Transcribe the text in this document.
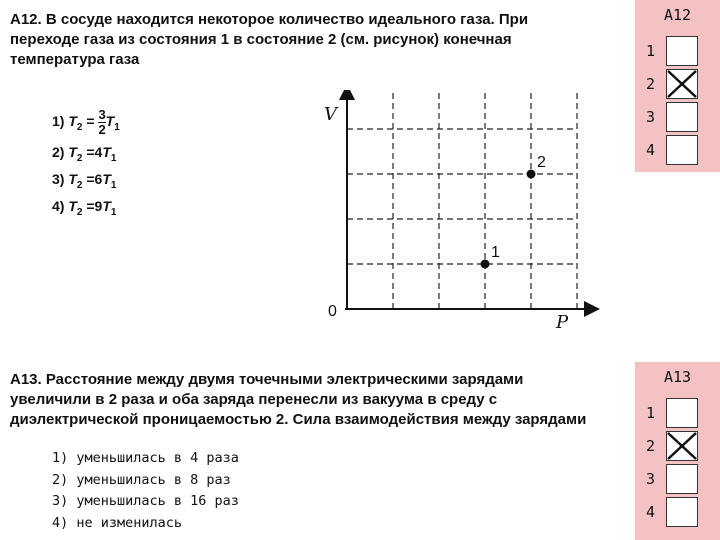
А12. В сосуде находится некоторое количество идеального газа. При переходе газа из состояния 1 в состояние 2 (см. рисунок) конечная температура газа
1) $T_2 = \frac{3}{2} T_1$
2) $T_2 =4T_1$
3) $T_2 =6T_1$
4) $T_2 =9T_1$
V
P
0
1
2
А12
1
2
3
4
А13. Расстояние между двумя точечными электрическими зарядами увеличили в 2 раза и оба заряда перенесли из вакуума в среду с диэлектрической проницаемостью 2. Сила взаимодействия между зарядами
1) уменьшилась в 4 раза
2) уменьшилась в 8 раз
3) уменьшилась в 16 раз
4) не изменилась
А13
1
2
3
4
